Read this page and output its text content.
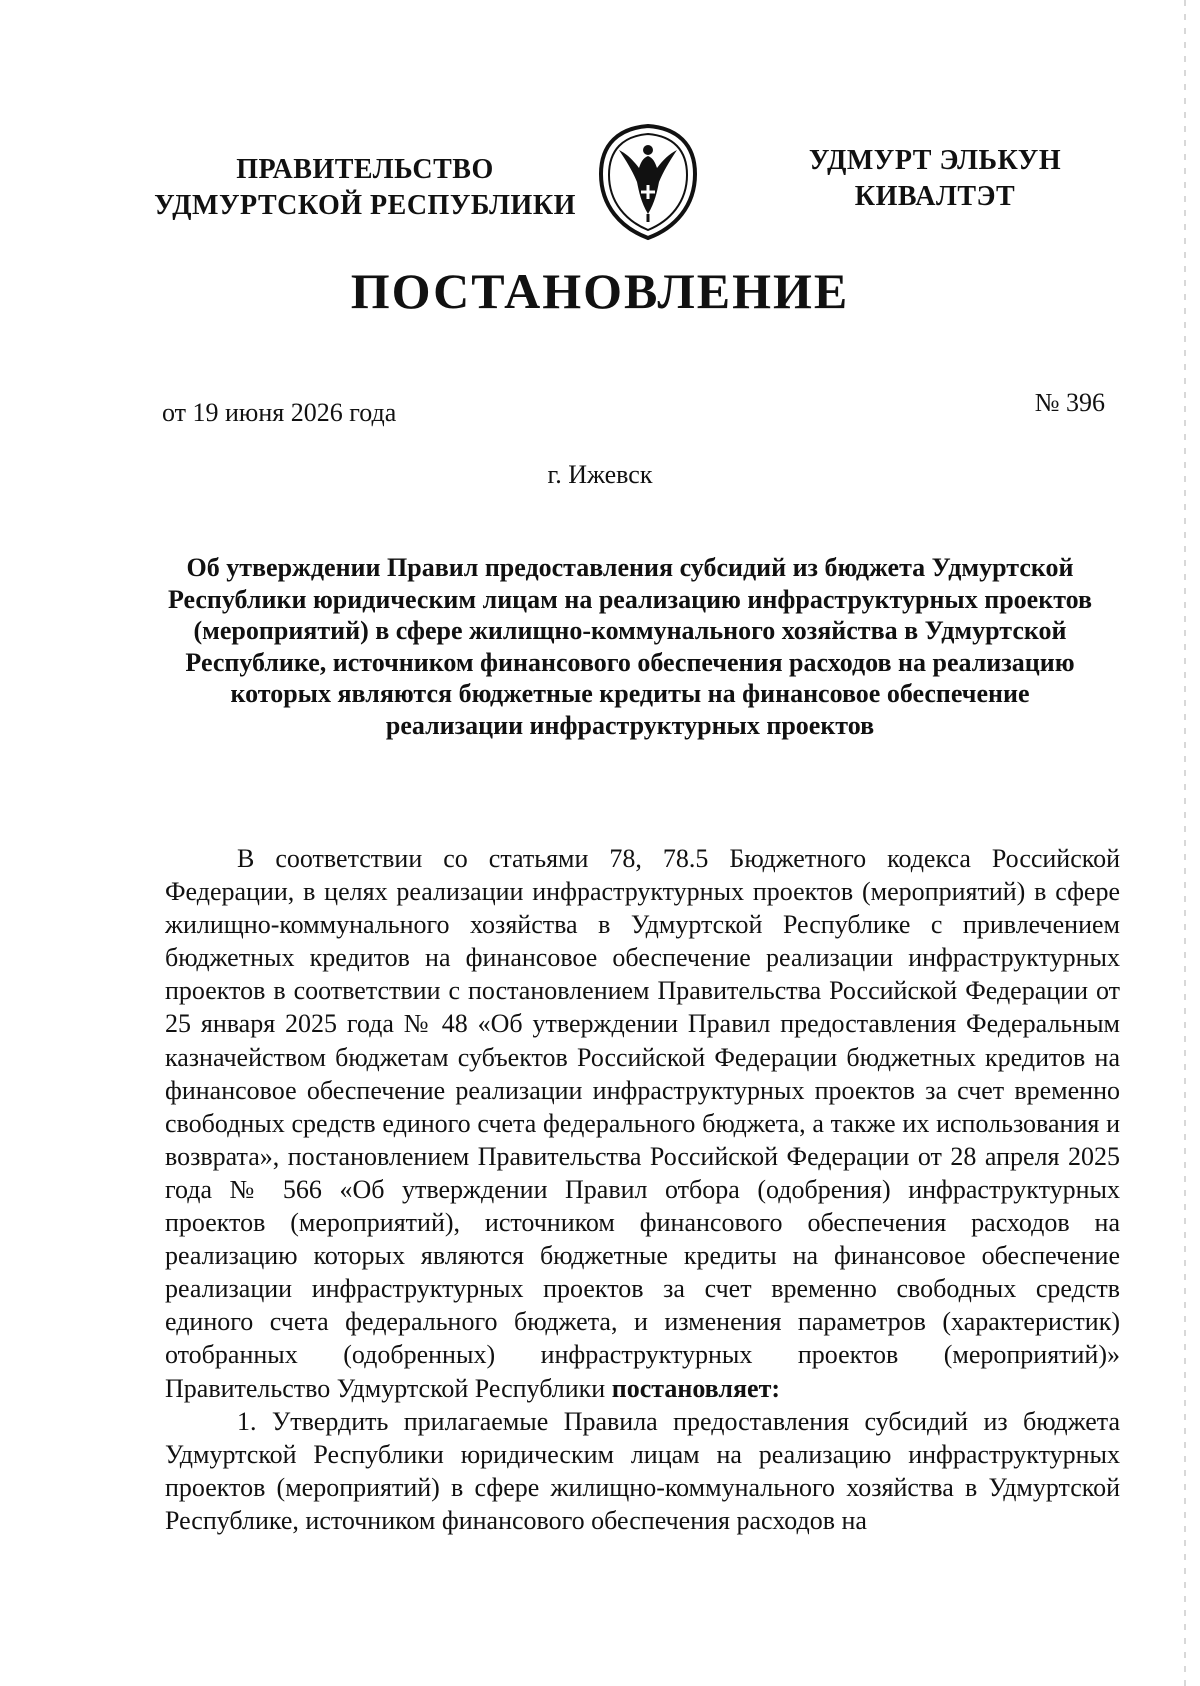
ПРАВИТЕЛЬСТВО
УДМУРТСКОЙ РЕСПУБЛИКИ
УДМУРТ ЭЛЬКУН
КИВАЛТЭТ
ПОСТАНОВЛЕНИЕ
от 19 июня 2026 года	№ 396
г. Ижевск
Об утверждении Правил предоставления субсидий из бюджета Удмуртской Республики юридическим лицам на реализацию инфраструктурных проектов (мероприятий) в сфере жилищно-коммунального хозяйства в Удмуртской Республике, источником финансового обеспечения расходов на реализацию которых являются бюджетные кредиты на финансовое обеспечение реализации инфраструктурных проектов

В соответствии со статьями 78, 78.5 Бюджетного кодекса Российской Федерации, в целях реализации инфраструктурных проектов (мероприятий) в сфере жилищно-коммунального хозяйства в Удмуртской Республике с привлечением бюджетных кредитов на финансовое обеспечение реализации инфраструктурных проектов в соответствии с постановлением Правительства Российской Федерации от 25 января 2025 года № 48 «Об утверждении Правил предоставления Федеральным казначейством бюджетам субъектов Российской Федерации бюджетных кредитов на финансовое обеспечение реализации инфраструктурных проектов за счет временно свободных средств единого счета федерального бюджета, а также их использования и возврата», постановлением Правительства Российской Федерации от 28 апреля 2025 года № 566 «Об утверждении Правил отбора (одобрения) инфраструктурных проектов (мероприятий), источником финансового обеспечения расходов на реализацию которых являются бюджетные кредиты на финансовое обеспечение реализации инфраструктурных проектов за счет временно свободных средств единого счета федерального бюджета, и изменения параметров (характеристик) отобранных (одобренных) инфраструктурных проектов (мероприятий)» Правительство Удмуртской Республики постановляет:

1. Утвердить прилагаемые Правила предоставления субсидий из бюджета Удмуртской Республики юридическим лицам на реализацию инфраструктурных проектов (мероприятий) в сфере жилищно-коммунального хозяйства в Удмуртской Республике, источником финансового обеспечения расходов на
